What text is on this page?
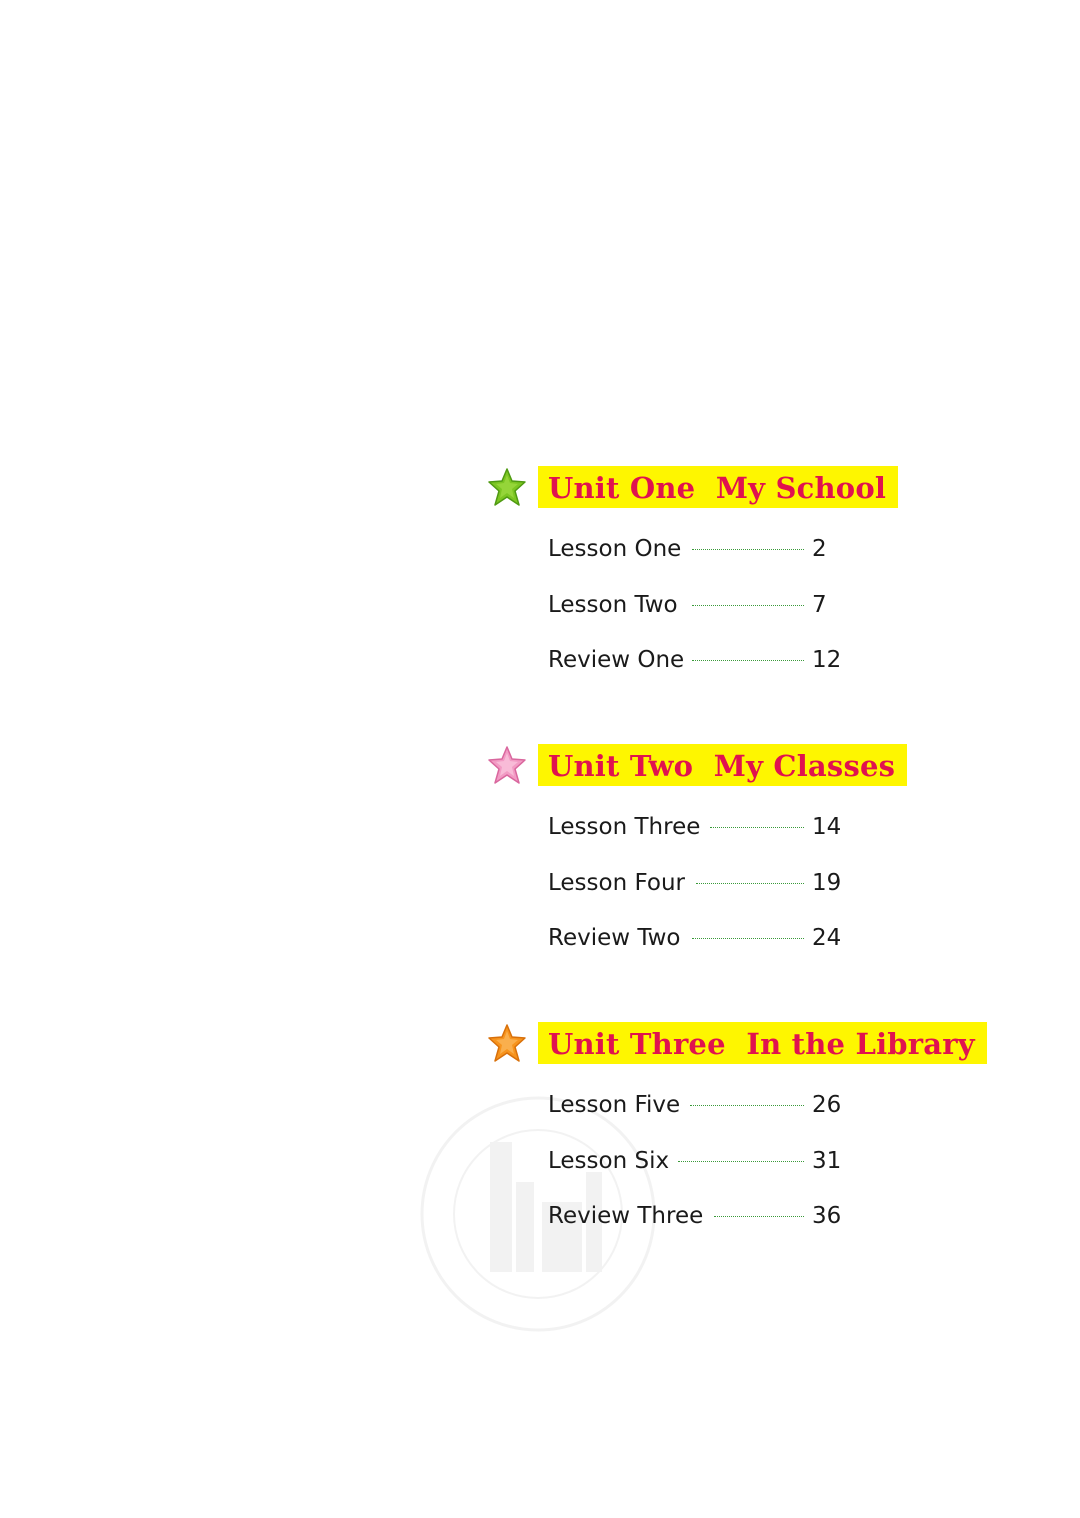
Unit One  My School
Lesson One	2
Lesson Two	7
Review One	12
Unit Two  My Classes
Lesson Three	14
Lesson Four	19
Review Two	24
Unit Three  In the Library
Lesson Five	26
Lesson Six	31
Review Three	36
